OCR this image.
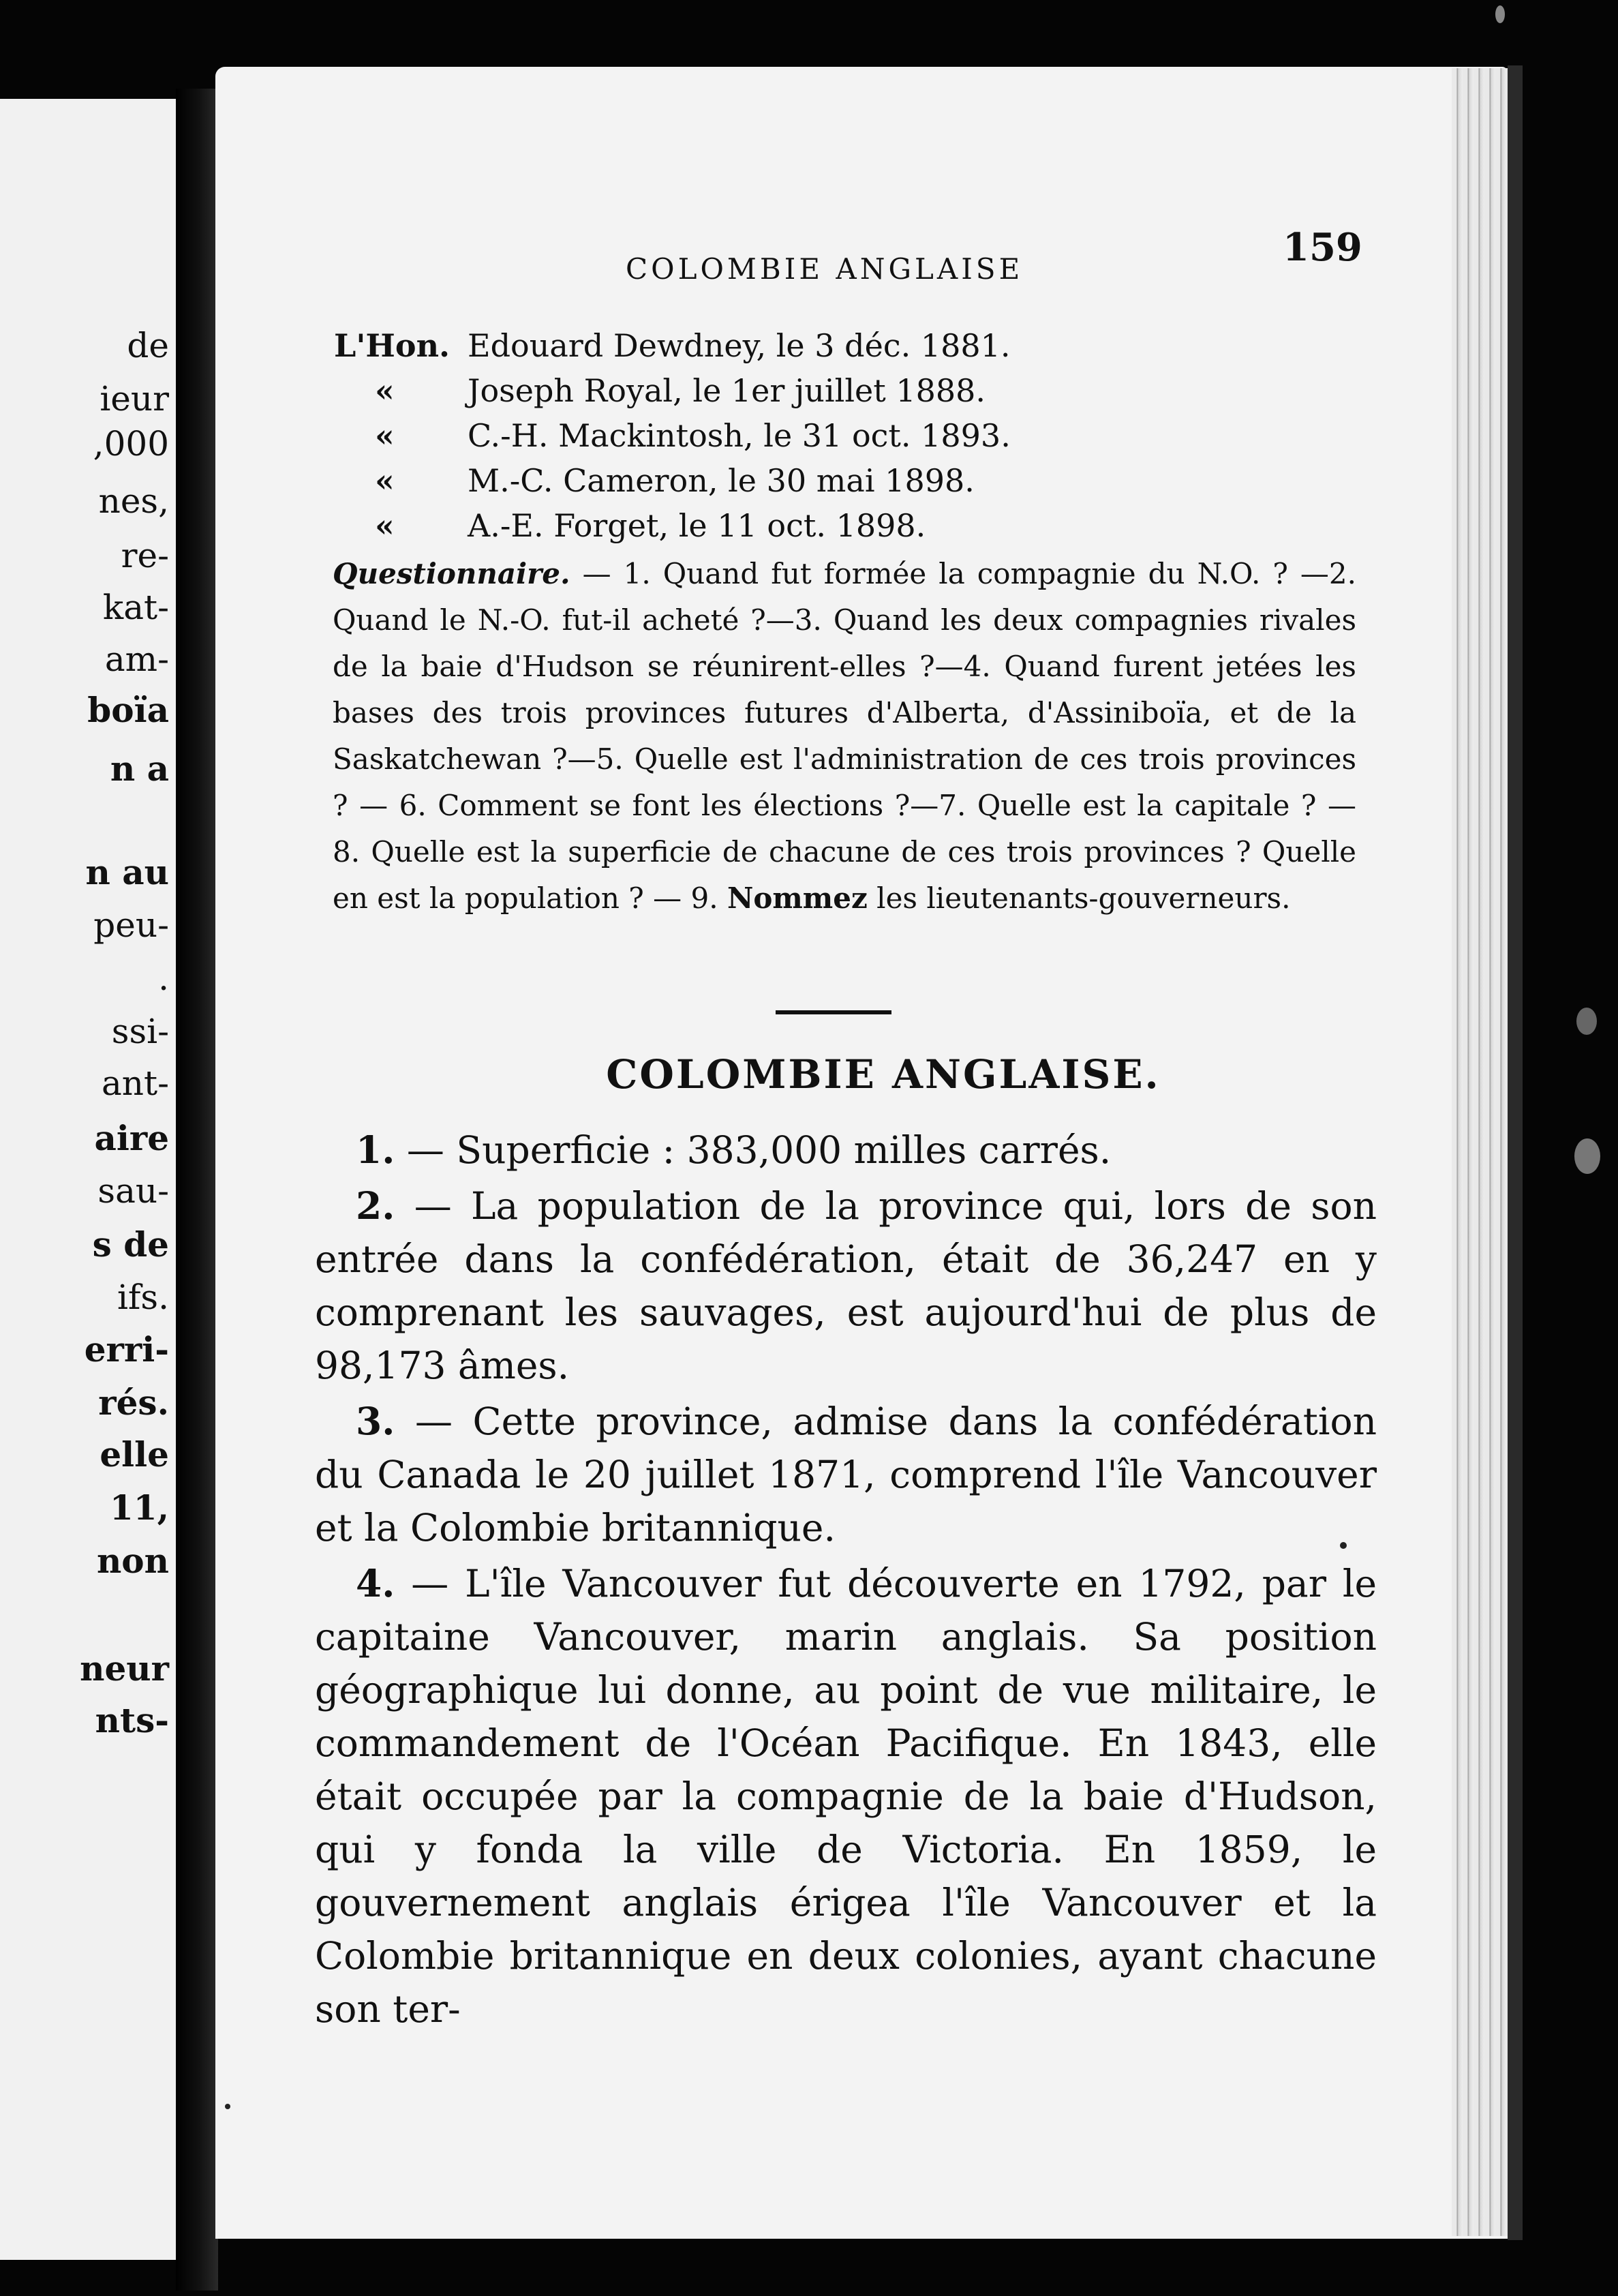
de
ieur
,000
nes,
re-
kat-
am-
boïa
n a
n au
peu-
.
ssi-
ant-
aire
sau-
s de
ifs.
erri-
rés.
elle
11,
non
neur
nts-
COLOMBIE ANGLAISE	159
L'Hon. Edouard Dewdney, le 3 déc. 1881.
« Joseph Royal, le 1er juillet 1888.
« C.-H. Mackintosh, le 31 oct. 1893.
« M.-C. Cameron, le 30 mai 1898.
« A.-E. Forget, le 11 oct. 1898.
Questionnaire. — 1. Quand fut formée la compagnie du N.O. ? —2. Quand le N.-O. fut-il acheté ?—3. Quand les deux compagnies rivales de la baie d'Hudson se réunirent-elles ?—4. Quand furent jetées les bases des trois provinces futures d'Alberta, d'Assiniboïa, et de la Saskatchewan ?—5. Quelle est l'administration de ces trois provinces ? — 6. Comment se font les élections ?—7. Quelle est la capitale ? — 8. Quelle est la superficie de chacune de ces trois provinces ? Quelle en est la population ? — 9. Nommez les lieutenants-gouverneurs.
COLOMBIE ANGLAISE.

1. — Superficie : 383,000 milles carrés.

2. — La population de la province qui, lors de son entrée dans la confédération, était de 36,247 en y comprenant les sauvages, est aujourd'hui de plus de 98,173 âmes.

3. — Cette province, admise dans la confédération du Canada le 20 juillet 1871, comprend l'île Vancouver et la Colombie britannique.

4. — L'île Vancouver fut découverte en 1792, par le capitaine Vancouver, marin anglais. Sa position géographique lui donne, au point de vue militaire, le commandement de l'Océan Pacifique. En 1843, elle était occupée par la compagnie de la baie d'Hudson, qui y fonda la ville de Victoria. En 1859, le gouvernement anglais érigea l'île Vancouver et la Colombie britannique en deux colonies, ayant chacune son ter-
